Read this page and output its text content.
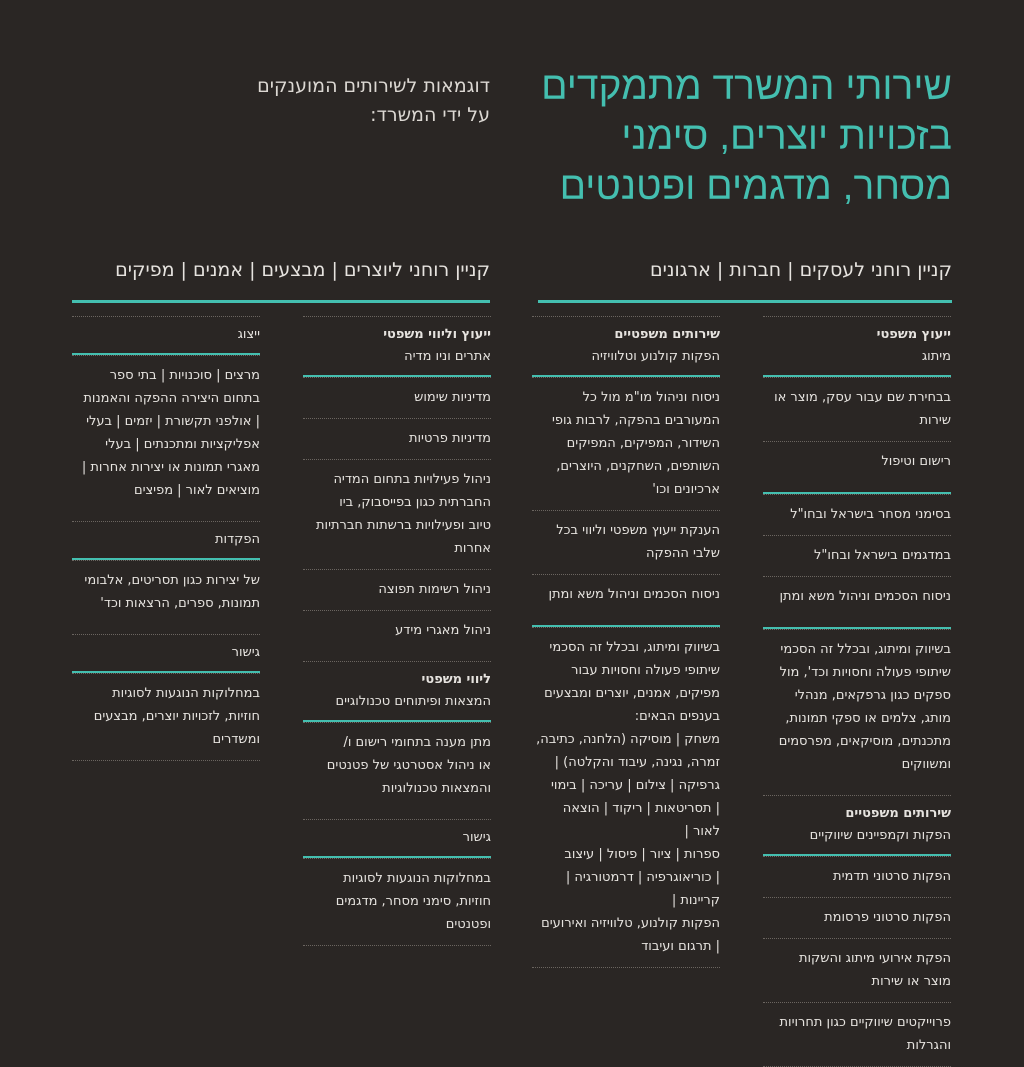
שירותי המשרד מתמקדים
בזכויות יוצרים, סימני
מסחר, מדגמים ופטנטים
דוגמאות לשירותים המוענקים
על ידי המשרד:
קניין רוחני לעסקים | חברות | ארגונים
קניין רוחני ליוצרים | מבצעים | אמנים | מפיקים
ייעוץ משפטי
מיתוג
בבחירת שם עבור עסק, מוצר או
שירות
רישום וטיפול
בסימני מסחר בישראל ובחו"ל
במדגמים בישראל ובחו"ל
ניסוח הסכמים וניהול משא ומתן
בשיווק ומיתוג, ובכלל זה הסכמי
שיתופי פעולה וחסויות וכד', מול
ספקים כגון גרפקאים, מנהלי
מותג, צלמים או ספקי תמונות,
מתכנתים, מוסיקאים, מפרסמים
ומשווקים
שירותים משפטיים
הפקות וקמפיינים שיווקיים
הפקות סרטוני תדמית
הפקות סרטוני פרסומת
הפקת אירועי מיתוג והשקות
מוצר או שירות
פרוייקטים שיווקיים כגון תחרויות
והגרלות
שירותים משפטיים
הפקות קולנוע וטלוויזיה
ניסוח וניהול מו"מ מול כל
המעורבים בהפקה, לרבות גופי
השידור, המפיקים, המפיקים
השותפים, השחקנים, היוצרים,
ארכיונים וכו'
הענקת ייעוץ משפטי וליווי בכל
שלבי ההפקה
ניסוח הסכמים וניהול משא ומתן
בשיווק ומיתוג, ובכלל זה הסכמי
שיתופי פעולה וחסויות עבור
מפיקים, אמנים, יוצרים ומבצעים
בענפים הבאים:
משחק | מוסיקה (הלחנה, כתיבה,
זמרה, נגינה, עיבוד והקלטה) |
גרפיקה | צילום | עריכה | בימוי
| תסריטאות | ריקוד | הוצאה
לאור |
ספרות | ציור | פיסול | עיצוב
| כוריאוגרפיה | דרמטורגיה |
קריינות |
הפקות קולנוע, טלוויזיה ואירועים
| תרגום ועיבוד
ייעוץ וליווי משפטי
אתרים וניו מדיה
מדיניות שימוש
מדיניות פרטיות
ניהול פעילויות בתחום המדיה
החברתית כגון בפייסבוק, ביו
טיוב ופעילויות ברשתות חברתיות
אחרות
ניהול רשימות תפוצה
ניהול מאגרי מידע
ליווי משפטי
המצאות ופיתוחים טכנולוגיים
מתן מענה בתחומי רישום ו/
או ניהול אסטרטגי של פטנטים
והמצאות טכנולוגיות
גישור
במחלוקות הנוגעות לסוגיות
חוזיות, סימני מסחר, מדגמים
ופטנטים
ייצוג
מרצים | סוכנויות | בתי ספר
בתחום היצירה ההפקה והאמנות
| אולפני תקשורת | יזמים | בעלי
אפליקציות ומתכנתים | בעלי
מאגרי תמונות או יצירות אחרות |
מוציאים לאור | מפיצים
הפקדות
של יצירות כגון תסריטים, אלבומי
תמונות, ספרים, הרצאות וכד'
גישור
במחלוקות הנוגעות לסוגיות
חוזיות, לזכויות יוצרים, מבצעים
ומשדרים
